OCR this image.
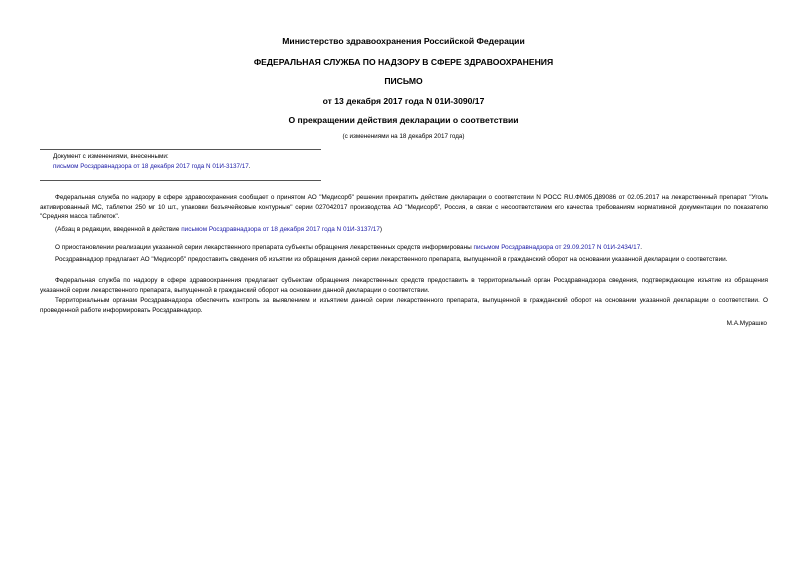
Министерство здравоохранения Российской Федерации
ФЕДЕРАЛЬНАЯ СЛУЖБА ПО НАДЗОРУ В СФЕРЕ ЗДРАВООХРАНЕНИЯ
ПИСЬМО
от 13 декабря 2017 года N 01И-3090/17
О прекращении действия декларации о соответствии
(с изменениями на 18 декабря 2017 года)
Документ с изменениями, внесенными:
письмом Росздравнадзора от 18 декабря 2017 года N 01И-3137/17.
Федеральная служба по надзору в сфере здравоохранения сообщает о принятом АО "Медисорб" решении прекратить действие декларации о соответствии N РОСС RU.ФМ05.Д89086 от 02.05.2017 на лекарственный препарат "Уголь активированный МС, таблетки 250 мг 10 шт., упаковки безъячейковые контурные" серии 027042017 производства АО "Медисорб", Россия, в связи с несоответствием его качества требованиям нормативной документации по показателю "Средняя масса таблеток".
(Абзац в редакции, введенной в действие письмом Росздравнадзора от 18 декабря 2017 года N 01И-3137/17)
О приостановлении реализации указанной серии лекарственного препарата субъекты обращения лекарственных средств информированы письмом Росздравнадзора от 29.09.2017 N 01И-2434/17.
Росздравнадзор предлагает АО "Медисорб" предоставить сведения об изъятии из обращения данной серии лекарственного препарата, выпущенной в гражданский оборот на основании указанной декларации о соответствии.
Федеральная служба по надзору в сфере здравоохранения предлагает субъектам обращения лекарственных средств предоставить в территориальный орган Росздравнадзора сведения, подтверждающие изъятие из обращения указанной серии лекарственного препарата, выпущенной в гражданский оборот на основании данной декларации о соответствии.
Территориальным органам Росздравнадзора обеспечить контроль за выявлением и изъятием данной серии лекарственного препарата, выпущенной в гражданский оборот на основании указанной декларации о соответствии. О проведенной работе информировать Росздравнадзор.
М.А.Мурашко
